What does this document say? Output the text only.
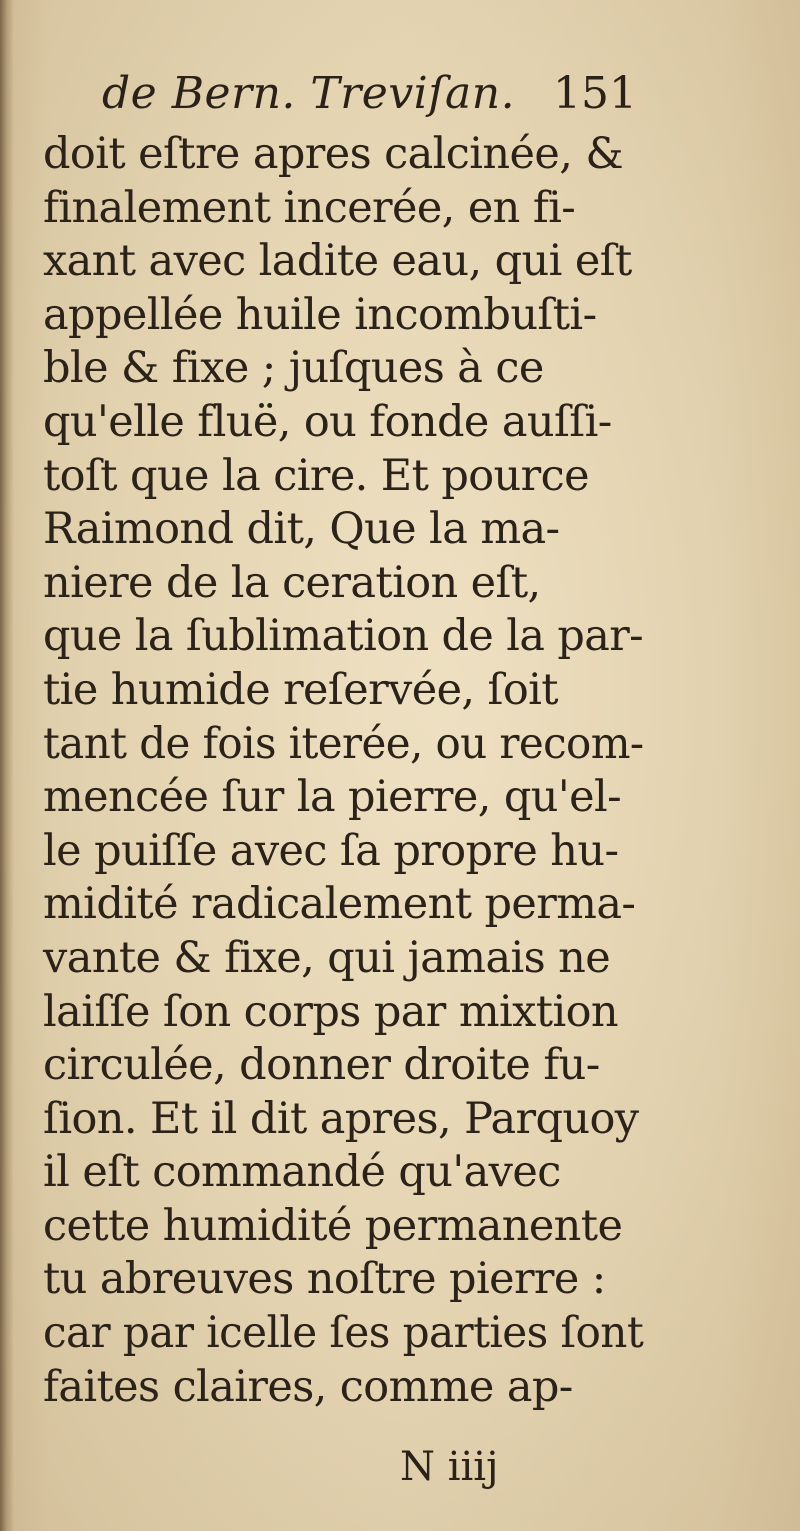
de Bern. Treviſan. 151
doit eſtre apres calcinée, &
finalement incerée, en fi-
xant avec ladite eau, qui eſt
appellée huile incombuſti-
ble & fixe ; juſques à ce
qu'elle fluë, ou fonde auſſi-
toſt que la cire. Et pource
Raimond dit, Que la ma-
niere de la ceration eſt,
que la ſublimation de la par-
tie humide reſervée, ſoit
tant de fois iterée, ou recom-
mencée ſur la pierre, qu'el-
le puiſſe avec ſa propre hu-
midité radicalement perma-
vante & fixe, qui jamais ne
laiſſe ſon corps par mixtion
circulée, donner droite fu-
ſion. Et il dit apres, Parquoy
il eſt commandé qu'avec
cette humidité permanente
tu abreuves noſtre pierre :
car par icelle ſes parties ſont
faites claires, comme ap-
N iiij
